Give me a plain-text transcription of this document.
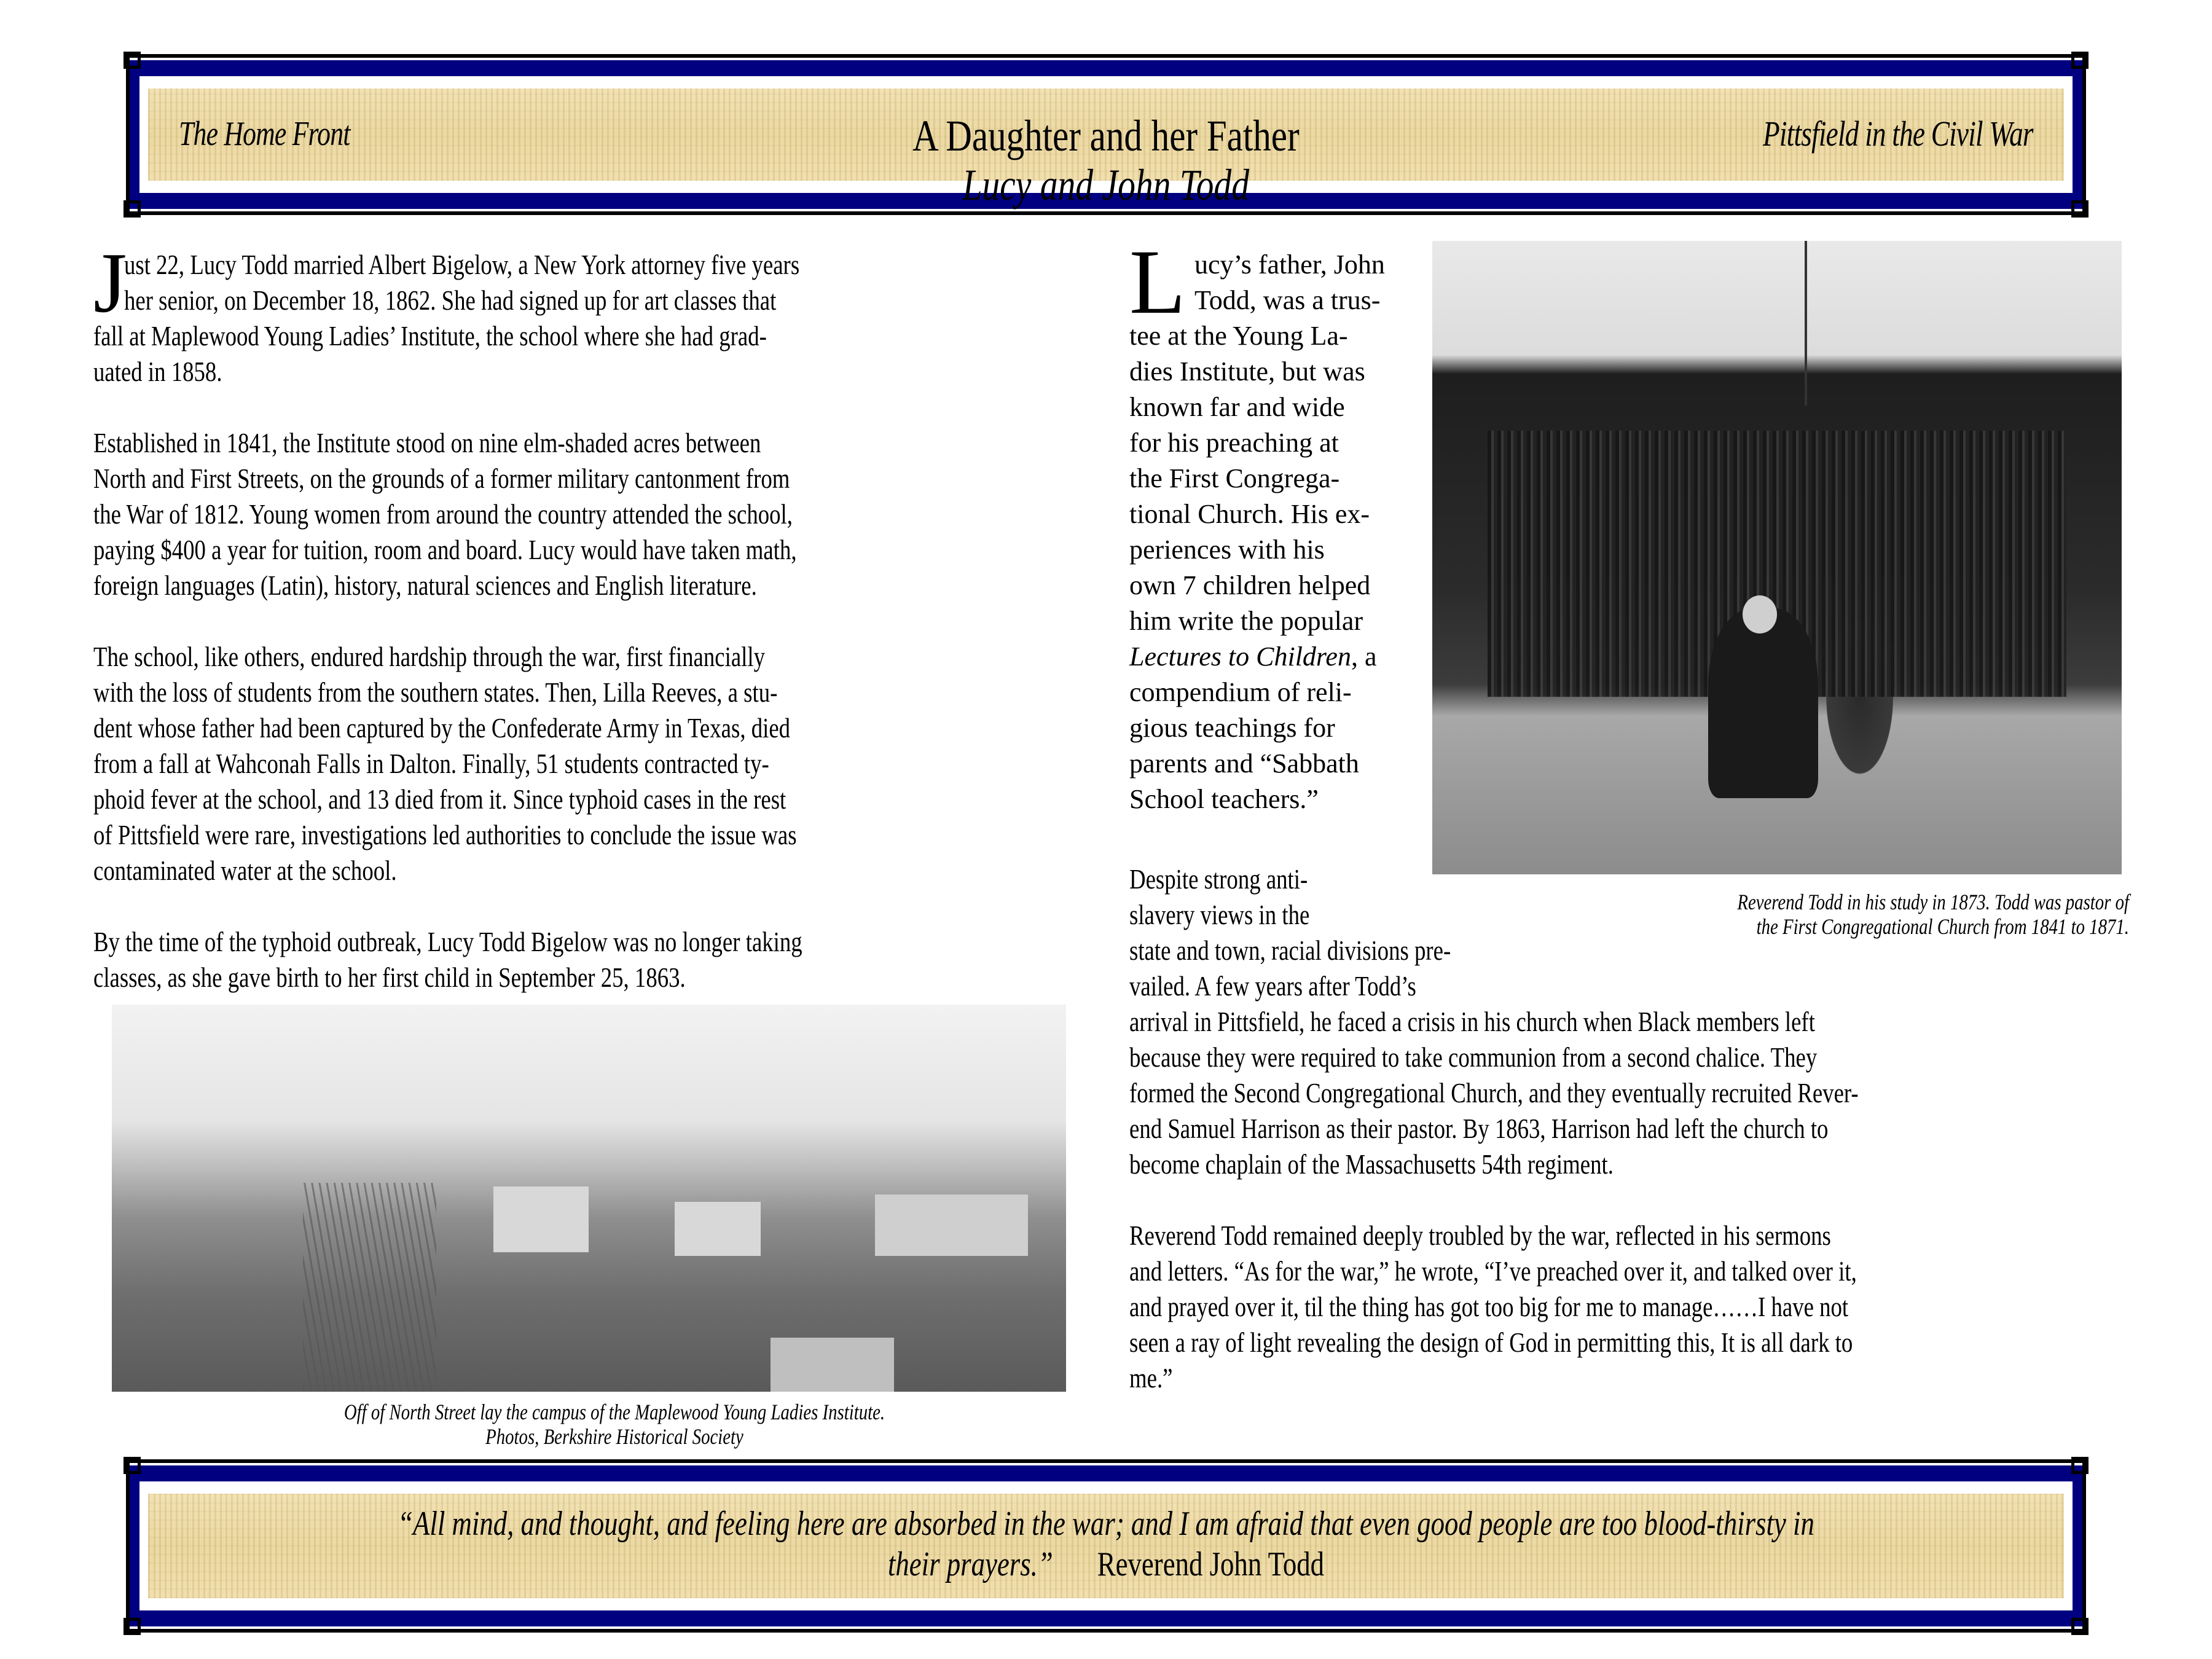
The Home Front	A Daughter and her Father
Lucy and John Todd
Pittsfield in the Civil War

J
ust 22, Lucy Todd married Albert Bigelow, a New York attorney five years
her senior, on December 18, 1862. She had signed up for art classes that
fall at Maplewood Young Ladies’ Institute, the school where she had grad-
uated in 1858.

Established in 1841, the Institute stood on nine elm-shaded acres between
North and First Streets, on the grounds of a former military cantonment from
the War of 1812. Young women from around the country attended the school,
paying $400 a year for tuition, room and board. Lucy would have taken math,
foreign languages (Latin), history, natural sciences and English literature.

The school, like others, endured hardship through the war, first financially
with the loss of students from the southern states. Then, Lilla Reeves, a stu-
dent whose father had been captured by the Confederate Army in Texas, died
from a fall at Wahconah Falls in Dalton. Finally, 51 students contracted ty-
phoid fever at the school, and 13 died from it. Since typhoid cases in the rest
of Pittsfield were rare, investigations led authorities to conclude the issue was
contaminated water at the school.

By the time of the typhoid outbreak, Lucy Todd Bigelow was no longer taking
classes, as she gave birth to her first child in September 25, 1863.

Off of North Street lay the campus of the Maplewood Young Ladies Institute.
Photos, Berkshire Historical Society
L ucy’s father, John
Todd, was a trus-
tee at the Young La-
dies Institute, but was
known far and wide
for his preaching at
the First Congrega-
tional Church. His ex-
periences with his
own 7 children helped
him write the popular
Lectures to Children, a
compendium of reli-
gious teachings for
parents and “Sabbath
School teachers.”
Reverend Todd in his study in 1873. Todd was pastor of
the First Congregational Church from 1841 to 1871.

Despite strong anti-
slavery views in the
state and town, racial divisions pre-
vailed. A few years after Todd’s
arrival in Pittsfield, he faced a crisis in his church when Black members left
because they were required to take communion from a second chalice. They
formed the Second Congregational Church, and they eventually recruited Rever-
end Samuel Harrison as their pastor. By 1863, Harrison had left the church to
become chaplain of the Massachusetts 54th regiment.

Reverend Todd remained deeply troubled by the war, reflected in his sermons
and letters. “As for the war,” he wrote, “I’ve preached over it, and talked over it,
and prayed over it, til the thing has got too big for me to manage……I have not
seen a ray of light revealing the design of God in permitting this, It is all dark to
me.”

“All mind, and thought, and feeling here are absorbed in the war; and I am afraid that even good people are too blood-thirsty in
their prayers.” Reverend John Todd
